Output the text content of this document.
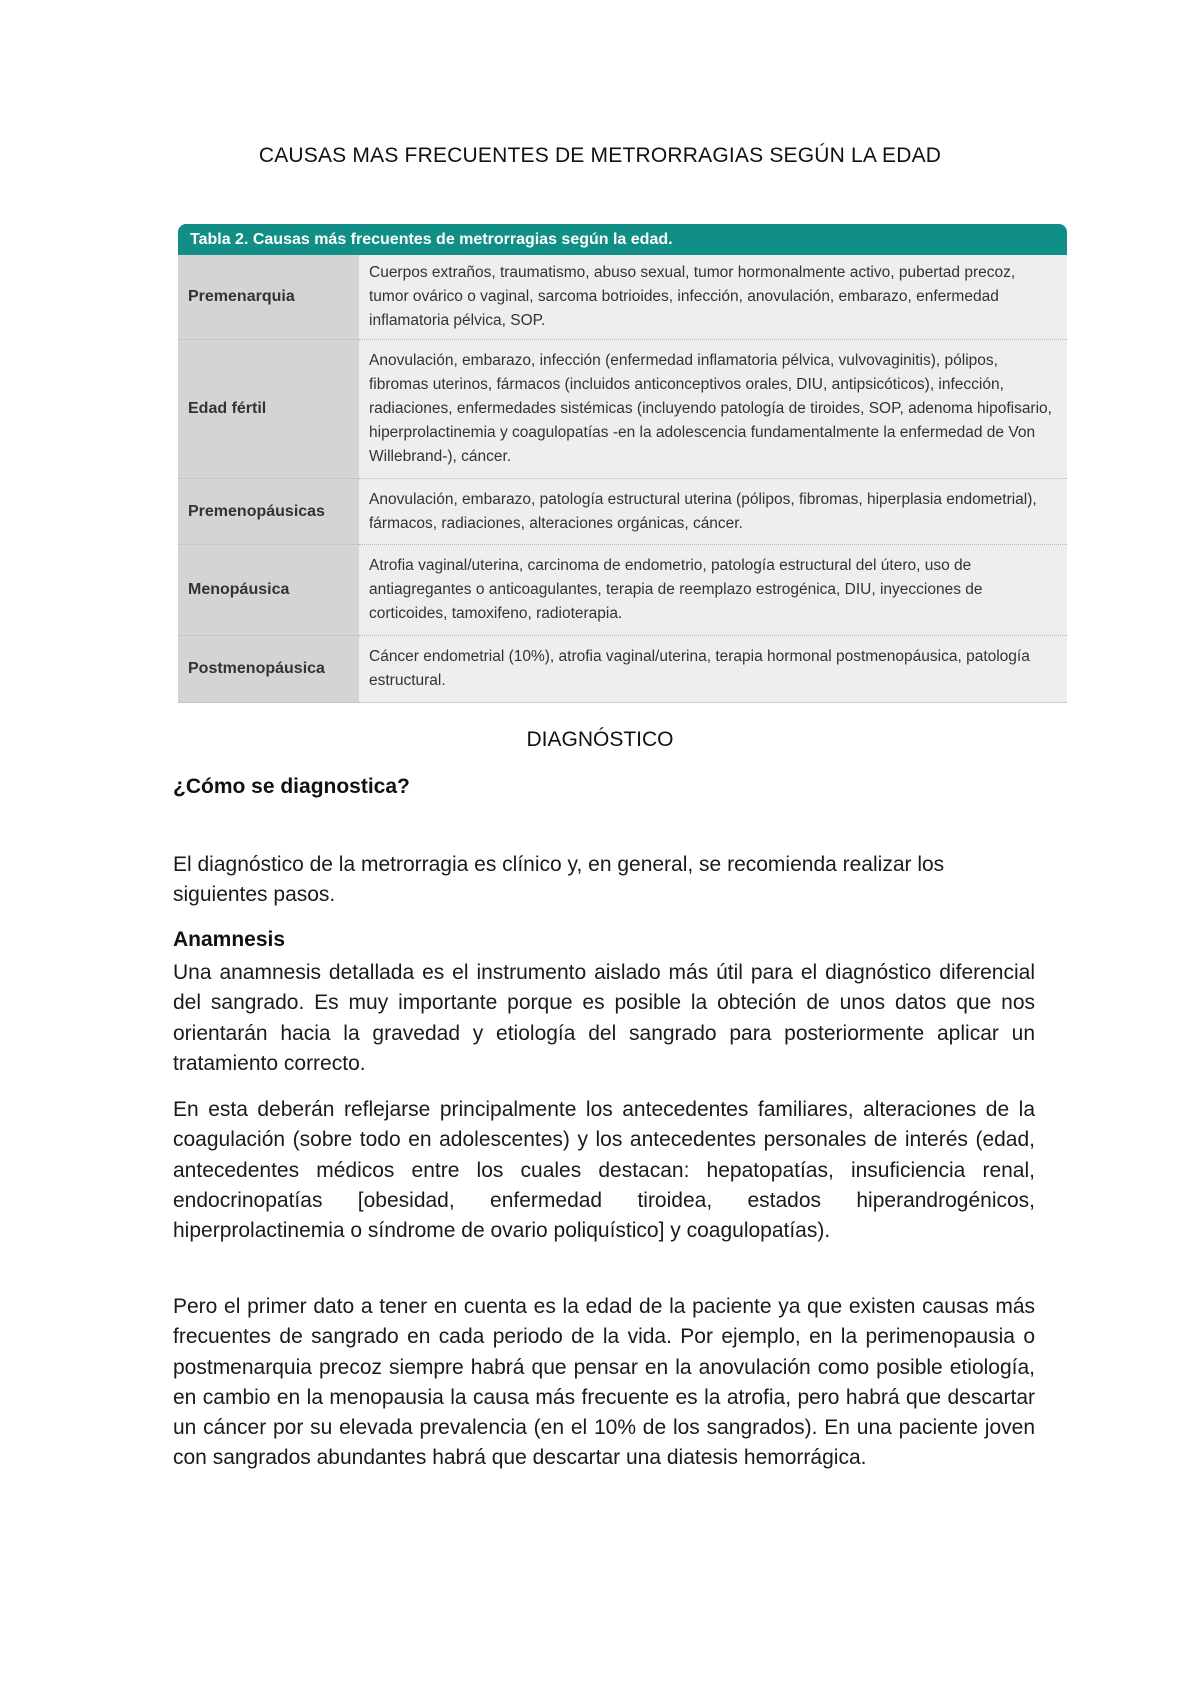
CAUSAS MAS FRECUENTES DE METRORRAGIAS SEGÚN LA EDAD
Tabla 2. Causas más frecuentes de metrorragias según la edad.
Premenarquia	Cuerpos extraños, traumatismo, abuso sexual, tumor hormonalmente activo, pubertad precoz, tumor ovárico o vaginal, sarcoma botrioides, infección, anovulación, embarazo, enfermedad inflamatoria pélvica, SOP.
Edad fértil	Anovulación, embarazo, infección (enfermedad inflamatoria pélvica, vulvovaginitis), pólipos, fibromas uterinos, fármacos (incluidos anticonceptivos orales, DIU, antipsicóticos), infección, radiaciones, enfermedades sistémicas (incluyendo patología de tiroides, SOP, adenoma hipofisario, hiperprolactinemia y coagulopatías -en la adolescencia fundamentalmente la enfermedad de Von Willebrand-), cáncer.
Premenopáusicas	Anovulación, embarazo, patología estructural uterina (pólipos, fibromas, hiperplasia endometrial), fármacos, radiaciones, alteraciones orgánicas, cáncer.
Menopáusica	Atrofia vaginal/uterina, carcinoma de endometrio, patología estructural del útero, uso de antiagregantes o anticoagulantes, terapia de reemplazo estrogénica, DIU, inyecciones de corticoides, tamoxifeno, radioterapia.
Postmenopáusica	Cáncer endometrial (10%), atrofia vaginal/uterina, terapia hormonal postmenopáusica, patología estructural.
DIAGNÓSTICO
¿Cómo se diagnostica?

El diagnóstico de la metrorragia es clínico y, en general, se recomienda realizar los siguientes pasos.

Anamnesis

Una anamnesis detallada es el instrumento aislado más útil para el diagnóstico diferencial del sangrado. Es muy importante porque es posible la obteción de unos datos que nos orientarán hacia la gravedad y etiología del sangrado para posteriormente aplicar un tratamiento correcto.

En esta deberán reflejarse principalmente los antecedentes familiares, alteraciones de la coagulación (sobre todo en adolescentes) y los antecedentes personales de interés (edad, antecedentes médicos entre los cuales destacan: hepatopatías, insuficiencia renal, endocrinopatías [obesidad, enfermedad tiroidea, estados hiperandrogénicos, hiperprolactinemia o síndrome de ovario poliquístico] y coagulopatías).

Pero el primer dato a tener en cuenta es la edad de la paciente ya que existen causas más frecuentes de sangrado en cada periodo de la vida. Por ejemplo, en la perimenopausia o postmenarquia precoz siempre habrá que pensar en la anovulación como posible etiología, en cambio en la menopausia la causa más frecuente es la atrofia, pero habrá que descartar un cáncer por su elevada prevalencia (en el 10% de los sangrados). En una paciente joven con sangrados abundantes habrá que descartar una diatesis hemorrágica.
